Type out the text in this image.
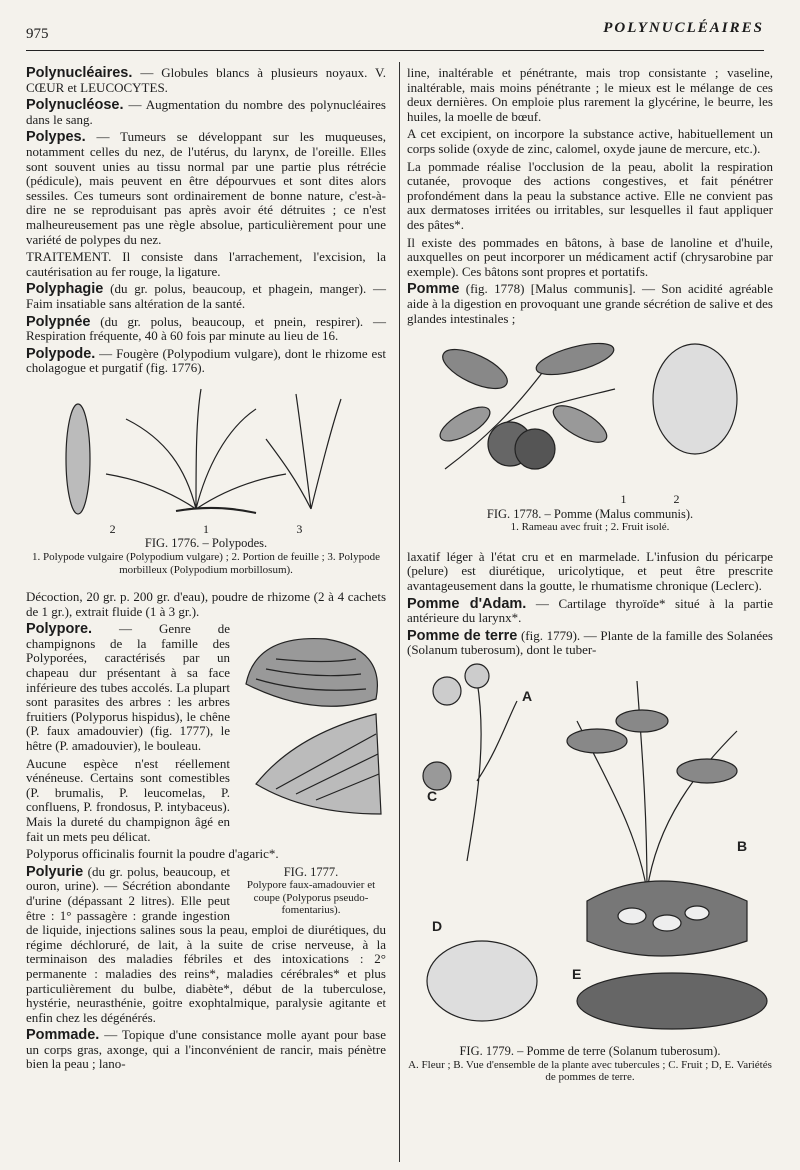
975	POLYNUCLÉAIRES

Polynucléaires. — Globules blancs à plusieurs noyaux. V. CŒUR et LEUCOCYTES.

Polynucléose. — Augmentation du nombre des polynucléaires dans le sang.

Polypes. — Tumeurs se développant sur les muqueuses, notamment celles du nez, de l'utérus, du larynx, de l'oreille. Elles sont souvent unies au tissu normal par une partie plus rétrécie (pédicule), mais peuvent en être dépourvues et sont dites alors sessiles. Ces tumeurs sont ordinairement de bonne nature, c'est-à-dire ne se reproduisant pas après avoir été détruites ; ce n'est malheureusement pas une règle absolue, particulièrement pour une variété de polypes du nez.

TRAITEMENT. Il consiste dans l'arrachement, l'excision, la cautérisation au fer rouge, la ligature.

Polyphagie (du gr. polus, beaucoup, et phagein, manger). — Faim insatiable sans altération de la santé.

Polypnée (du gr. polus, beaucoup, et pnein, respirer). — Respiration fréquente, 40 à 60 fois par minute au lieu de 16.

Polypode. — Fougère (Polypodium vulgare), dont le rhizome est cholagogue et purgatif (fig. 1776).

2	1	3
FIG. 1776. – Polypodes.
1. Polypode vulgaire (Polypodium vulgare) ; 2. Portion de feuille ; 3. Polypode morbilleux (Polypodium morbillosum).

Décoction, 20 gr. p. 200 gr. d'eau), poudre de rhizome (2 à 4 cachets de 1 gr.), extrait fluide (1 à 3 gr.).

Polypore. — Genre de champignons de la famille des Polyporées, caractérisés par un chapeau dur présentant à sa face inférieure des tubes accolés. La plupart sont parasites des arbres : les arbres fruitiers (Polyporus hispidus), le chêne (P. faux amadouvier) (fig. 1777), le hêtre (P. amadouvier), le bouleau.

Aucune espèce n'est réellement vénéneuse. Certains sont comestibles (P. brumalis, P. leucomelas, P. confluens, P. frondosus, P. intybaceus). Mais la dureté du champignon âgé en fait un mets peu délicat.

Polyporus officinalis fournit la poudre d'agaric*.

FIG. 1777.
Polypore faux-amadouvier et coupe (Polyporus pseudo-fomentarius).

Polyurie (du gr. polus, beaucoup, et ouron, urine). — Sécrétion abondante d'urine (dépassant 2 litres). Elle peut être : 1° passagère : grande ingestion de liquide, injections salines sous la peau, emploi de diurétiques, du régime déchloruré, de lait, à la suite de crise nerveuse, à la terminaison des maladies fébriles et des intoxications : 2° permanente : maladies des reins*, maladies cérébrales* et plus particulièrement du bulbe, diabète*, début de la tuberculose, hystérie, neurasthénie, goitre exophtalmique, paralysie agitante et enfin chez les dégénérés.

Pommade. — Topique d'une consistance molle ayant pour base un corps gras, axonge, qui a l'inconvénient de rancir, mais pénètre bien la peau ; lano-

line, inaltérable et pénétrante, mais trop consistante ; vaseline, inaltérable, mais moins pénétrante ; le mieux est le mélange de ces deux dernières. On emploie plus rarement la glycérine, le beurre, les huiles, la moelle de bœuf.

A cet excipient, on incorpore la substance active, habituellement un corps solide (oxyde de zinc, calomel, oxyde jaune de mercure, etc.).

La pommade réalise l'occlusion de la peau, abolit la respiration cutanée, provoque des actions congestives, et fait pénétrer profondément dans la peau la substance active. Elle ne convient pas aux dermatoses irritées ou irritables, sur lesquelles il faut appliquer des pâtes*.

Il existe des pommades en bâtons, à base de lanoline et d'huile, auxquelles on peut incorporer un médicament actif (chrysarobine par exemple). Ces bâtons sont propres et portatifs.

Pomme (fig. 1778) [Malus communis]. — Son acidité agréable aide à la digestion en provoquant une grande sécrétion de salive et des glandes intestinales ;

1	2
FIG. 1778. – Pomme (Malus communis).
1. Rameau avec fruit ; 2. Fruit isolé.

laxatif léger à l'état cru et en marmelade. L'infusion du péricarpe (pelure) est diurétique, uricolytique, et peut être prescrite avantageusement dans la goutte, le rhumatisme chronique (Leclerc).

Pomme d'Adam. — Cartilage thyroïde* situé à la partie antérieure du larynx*.

Pomme de terre (fig. 1779). — Plante de la famille des Solanées (Solanum tuberosum), dont le tuber-

A
B
C
D
E
FIG. 1779. – Pomme de terre (Solanum tuberosum).
A. Fleur ; B. Vue d'ensemble de la plante avec tubercules ; C. Fruit ; D, E. Variétés de pommes de terre.
